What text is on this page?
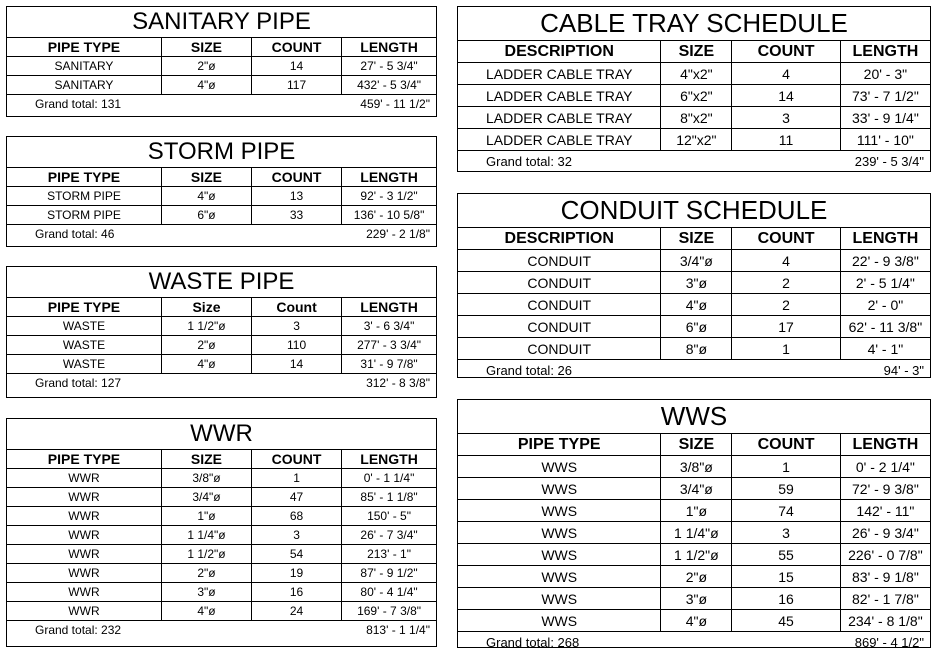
SANITARY PIPE
PIPE TYPE	SIZE	COUNT	LENGTH
SANITARY	2"ø	14	27' - 5 3/4"
SANITARY	4"ø	117	432' - 5 3/4"
Grand total: 131		459' - 11 1/2"	
STORM PIPE
PIPE TYPE	SIZE	COUNT	LENGTH
STORM PIPE	4"ø	13	92' - 3 1/2"
STORM PIPE	6"ø	33	136' - 10 5/8"
Grand total: 46		229' - 2 1/8"	
WASTE PIPE
PIPE TYPE	Size	Count	LENGTH
WASTE	1 1/2"ø	3	3' - 6 3/4"
WASTE	2"ø	110	277' - 3 3/4"
WASTE	4"ø	14	31' - 9 7/8"
Grand total: 127		312' - 8 3/8"	
WWR
PIPE TYPE	SIZE	COUNT	LENGTH
WWR	3/8"ø	1	0' - 1 1/4"
WWR	3/4"ø	47	85' - 1 1/8"
WWR	1"ø	68	150' - 5"
WWR	1 1/4"ø	3	26' - 7 3/4"
WWR	1 1/2"ø	54	213' - 1"
WWR	2"ø	19	87' - 9 1/2"
WWR	3"ø	16	80' - 4 1/4"
WWR	4"ø	24	169' - 7 3/8"
Grand total: 232		813' - 1 1/4"	
CABLE TRAY SCHEDULE
DESCRIPTION	SIZE	COUNT	LENGTH
LADDER CABLE TRAY	4"x2"	4	20' - 3"
LADDER CABLE TRAY	6"x2"	14	73' - 7 1/2"
LADDER CABLE TRAY	8"x2"	3	33' - 9 1/4"
LADDER CABLE TRAY	12"x2"	11	111' - 10"
Grand total: 32		239' - 5 3/4"	
CONDUIT SCHEDULE
DESCRIPTION	SIZE	COUNT	LENGTH
CONDUIT	3/4"ø	4	22' - 9 3/8"
CONDUIT	3"ø	2	2' - 5 1/4"
CONDUIT	4"ø	2	2' - 0"
CONDUIT	6"ø	17	62' - 11 3/8"
CONDUIT	8"ø	1	4' - 1"
Grand total: 26		94' - 3"	
WWS
PIPE TYPE	SIZE	COUNT	LENGTH
WWS	3/8"ø	1	0' - 2 1/4"
WWS	3/4"ø	59	72' - 9 3/8"
WWS	1"ø	74	142' - 11"
WWS	1 1/4"ø	3	26' - 9 3/4"
WWS	1 1/2"ø	55	226' - 0 7/8"
WWS	2"ø	15	83' - 9 1/8"
WWS	3"ø	16	82' - 1 7/8"
WWS	4"ø	45	234' - 8 1/8"
Grand total: 268		869' - 4 1/2"	
